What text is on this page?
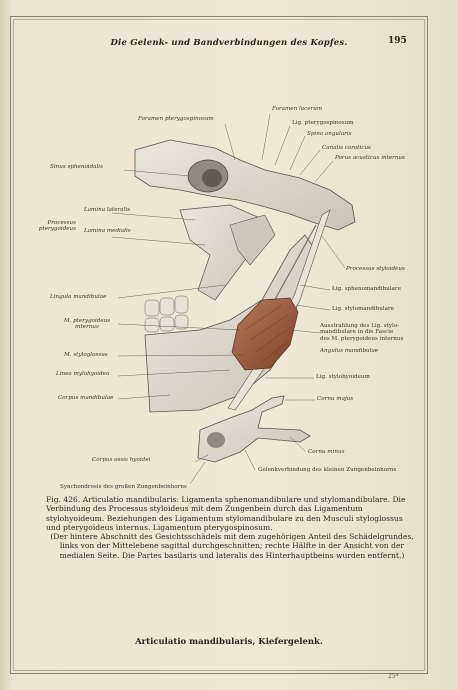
Die Gelenk- und Bandverbindungen des Kopfes.	195
Foramen pterygospinosum
Foramen lacerum
Lig. pterygospinosum
Spina angularis
Canalis caroticus
Porus acusticus internus
Sinus sphenoidalis
Lamina lateralis
Processus pterygoideus Lamina medialis
Lingula mandibulae
M. pterygoideus internus
M. styloglossus
Linea mylohyoidea
Corpus mandibulae
Corpus ossis hyoidei
Synchondrosis des großen Zungenbeinhorns
Processus styloideus
Lig. sphenomandibulare
Lig. stylomandibulare
Ausstrahlung des Lig. stylo-
mandibulare in die Fascie
des M. pterygoideus internus
Angulus mandibulae
Lig. stylohyoideum
Cornu majus
Cornu minus
Gelenkverbindung des kleinen Zungenbeinhorns

Fig. 426. Articulatio mandibularis: Ligamenta sphenomandibulare und stylomandibulare. Die Verbindung des Processus styloideus mit dem Zungenbein durch das Ligamentum stylohyoideum. Beziehungen des Ligamentum stylomandibulare zu den Musculi styloglossus und pterygoideus internus. Ligamentum pterygospinosum.

(Der hintere Abschnitt des Gesichtsschädels mit dem zugehörigen Anteil des Schädelgrundes, links von der Mittelebene sagittal durchgeschnitten; rechte Hälfte in der Ansicht von der medialen Seite. Die Partes basilaris und lateralis des Hinterhauptbeins wurden entfernt.)

Articulatio mandibularis, Kiefergelenk.
25*
